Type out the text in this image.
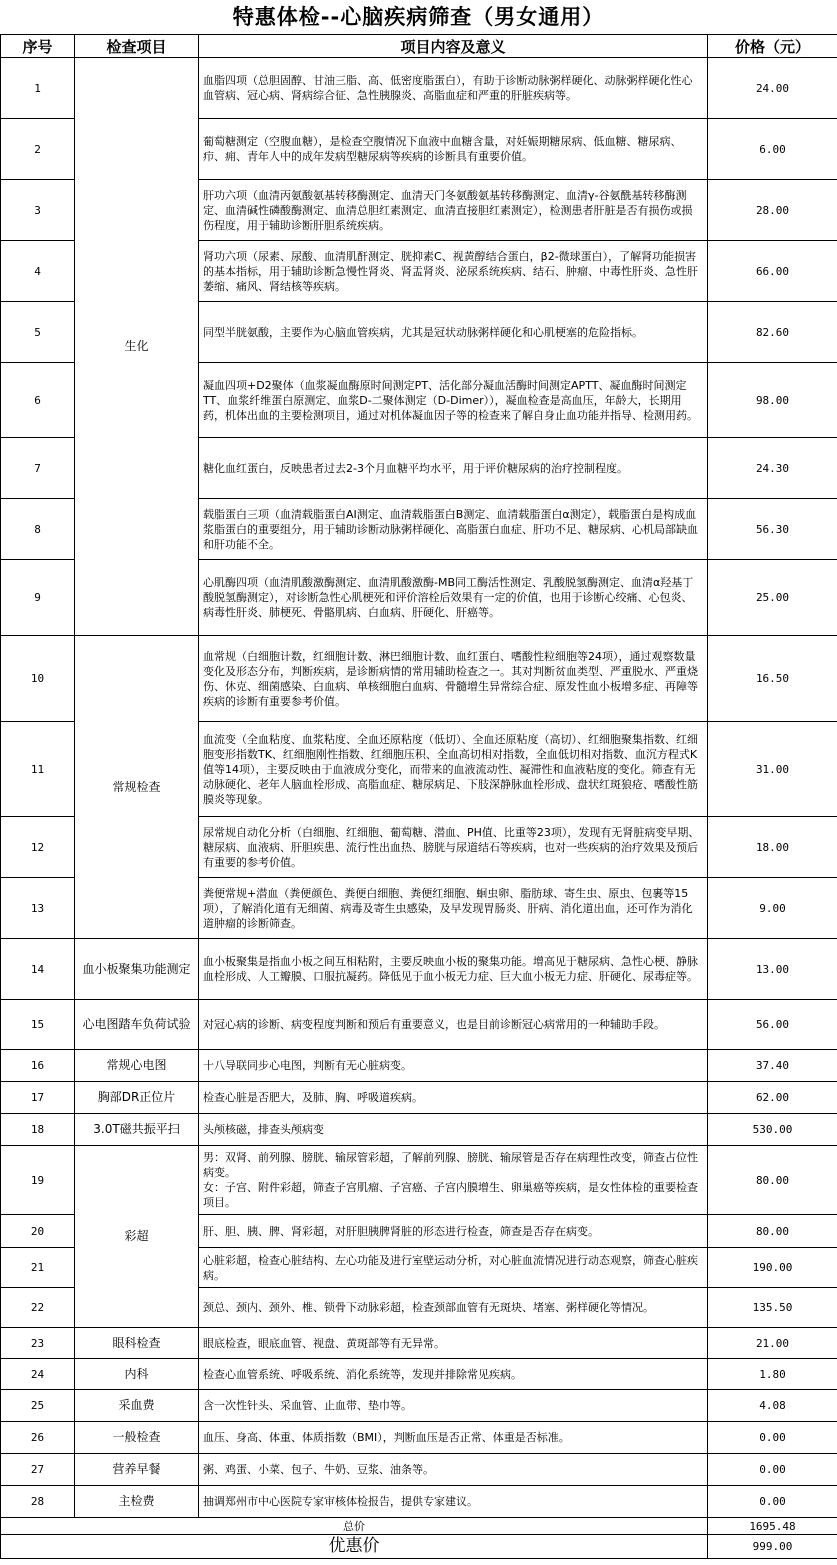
特惠体检--心脑疾病筛查（男女通用）
序号	检查项目	项目内容及意义	价格（元）
1	生化	血脂四项（总胆固醇、甘油三脂、高、低密度脂蛋白），有助于诊断动脉粥样硬化、动脉粥样硬化性心血管病、冠心病、肾病综合征、急性胰腺炎、高脂血症和严重的肝脏疾病等。	24.00
2		葡萄糖测定（空腹血糖），是检查空腹情况下血液中血糖含量，对妊娠期糖尿病、低血糖、糖尿病、疖、痈、青年人中的成年发病型糖尿病等疾病的诊断具有重要价值。	6.00
3		肝功六项（血清丙氨酸氨基转移酶测定、血清天门冬氨酸氨基转移酶测定、血清γ-谷氨酰基转移酶测定、血清碱性磷酸酶测定、血清总胆红素测定、血清直接胆红素测定），检测患者肝脏是否有损伤或损伤程度，用于辅助诊断肝胆系统疾病。	28.00
4		肾功六项（尿素、尿酸、血清肌酐测定、胱抑素C、视黄醇结合蛋白，β2-微球蛋白），了解肾功能损害的基本指标，用于辅助诊断急慢性肾炎、肾盂肾炎、泌尿系统疾病、结石、肿瘤、中毒性肝炎、急性肝萎缩、痛风、肾结核等疾病。	66.00
5		同型半胱氨酸，主要作为心脑血管疾病，尤其是冠状动脉粥样硬化和心肌梗塞的危险指标。	82.60
6		凝血四项+D2聚体（血浆凝血酶原时间测定PT、活化部分凝血活酶时间测定APTT、凝血酶时间测定TT、血浆纤维蛋白原测定、血浆D-二聚体测定（D-Dimer）），凝血检查是高血压，年龄大，长期用药，机体出血的主要检测项目，通过对机体凝血因子等的检查来了解自身止血功能并指导、检测用药。	98.00
7		糖化血红蛋白，反映患者过去2-3个月血糖平均水平，用于评价糖尿病的治疗控制程度。	24.30
8		载脂蛋白三项（血清载脂蛋白AⅠ测定、血清载脂蛋白B测定、血清载脂蛋白α测定），载脂蛋白是构成血浆脂蛋白的重要组分，用于辅助诊断动脉粥样硬化、高脂蛋白血症、肝功不足、糖尿病、心机局部缺血和肝功能不全。	56.30
9		心肌酶四项（血清肌酸激酶测定、血清肌酸激酶-MB同工酶活性测定、乳酸脱氢酶测定、血清α羟基丁酸脱氢酶测定），对诊断急性心肌梗死和评价溶栓后效果有一定的价值，也用于诊断心绞痛、心包炎、病毒性肝炎、肺梗死、骨骼肌病、白血病、肝硬化、肝癌等。	25.00
10	常规检查	血常规（白细胞计数，红细胞计数、淋巴细胞计数、血红蛋白、嗜酸性粒细胞等24项），通过观察数量变化及形态分布，判断疾病，是诊断病情的常用辅助检查之一。其对判断贫血类型、严重脱水、严重烧伤、休克、细菌感染、白血病、单核细胞白血病、骨髓增生异常综合症、原发性血小板增多症、再障等疾病的诊断有重要参考价值。	16.50
11		血流变（全血粘度、血浆粘度、全血还原粘度（低切）、全血还原粘度（高切）、红细胞聚集指数、红细胞变形指数TK、红细胞刚性指数、红细胞压积、全血高切相对指数，全血低切相对指数、血沉方程式K值等14项），主要反映由于血液成分变化，而带来的血液流动性、凝滞性和血液粘度的变化。筛查有无动脉硬化、老年人脑血栓形成、高脂血症、糖尿病足、下肢深静脉血栓形成、盘状红斑狼疮、嗜酸性筋膜炎等现象。	31.00
12		尿常规自动化分析（白细胞、红细胞、葡萄糖、潜血、PH值、比重等23项），发现有无肾脏病变早期、糖尿病、血液病、肝胆疾患、流行性出血热、膀胱与尿道结石等疾病，也对一些疾病的治疗效果及预后有重要的参考价值。	18.00
13		粪便常规+潜血（粪便颜色、粪便白细胞、粪便红细胞、蛔虫卵、脂肪球、寄生虫、原虫、包裹等15项），了解消化道有无细菌、病毒及寄生虫感染，及早发现胃肠炎、肝病、消化道出血，还可作为消化道肿瘤的诊断筛查。	9.00
14	血小板聚集功能测定	血小板聚集是指血小板之间互相粘附，主要反映血小板的聚集功能。增高见于糖尿病、急性心梗、静脉血栓形成、人工瓣膜、口服抗凝药。降低见于血小板无力症、巨大血小板无力症、肝硬化、尿毒症等。	13.00
15	心电图踏车负荷试验	对冠心病的诊断、病变程度判断和预后有重要意义，也是目前诊断冠心病常用的一种辅助手段。	56.00
16	常规心电图	十八导联同步心电图，判断有无心脏病变。	37.40
17	胸部DR正位片	检查心脏是否肥大，及肺、胸、呼吸道疾病。	62.00
18	3.0T磁共振平扫	头颅核磁，排查头颅病变	530.00
19	彩超	男：双肾、前列腺、膀胱、输尿管彩超，了解前列腺、膀胱、输尿管是否存在病理性改变，筛查占位性病变。
女：子宫、附件彩超，筛查子宫肌瘤、子宫癌、子宫内膜增生、卵巢癌等疾病，是女性体检的重要检查项目。	80.00
20		肝、胆、胰、脾、肾彩超，对肝胆胰脾肾脏的形态进行检查，筛查是否存在病变。	80.00
21		心脏彩超，检查心脏结构、左心功能及进行室壁运动分析，对心脏血流情况进行动态观察，筛查心脏疾病。	190.00
22		颈总、颈内、颈外、椎、锁骨下动脉彩超，检查颈部血管有无斑块、堵塞、粥样硬化等情况。	135.50
23	眼科检查	眼底检查，眼底血管、视盘、黄斑部等有无异常。	21.00
24	内科	检查心血管系统、呼吸系统、消化系统等，发现并排除常见疾病。	1.80
25	采血费	含一次性针头、采血管、止血带、垫巾等。	4.08
26	一般检查	血压、身高、体重、体质指数（BMI），判断血压是否正常、体重是否标准。	0.00
27	营养早餐	粥、鸡蛋、小菜、包子、牛奶、豆浆、油条等。	0.00
28	主检费	抽调郑州市中心医院专家审核体检报告，提供专家建议。	0.00
总价			1695.48
优惠价			999.00
